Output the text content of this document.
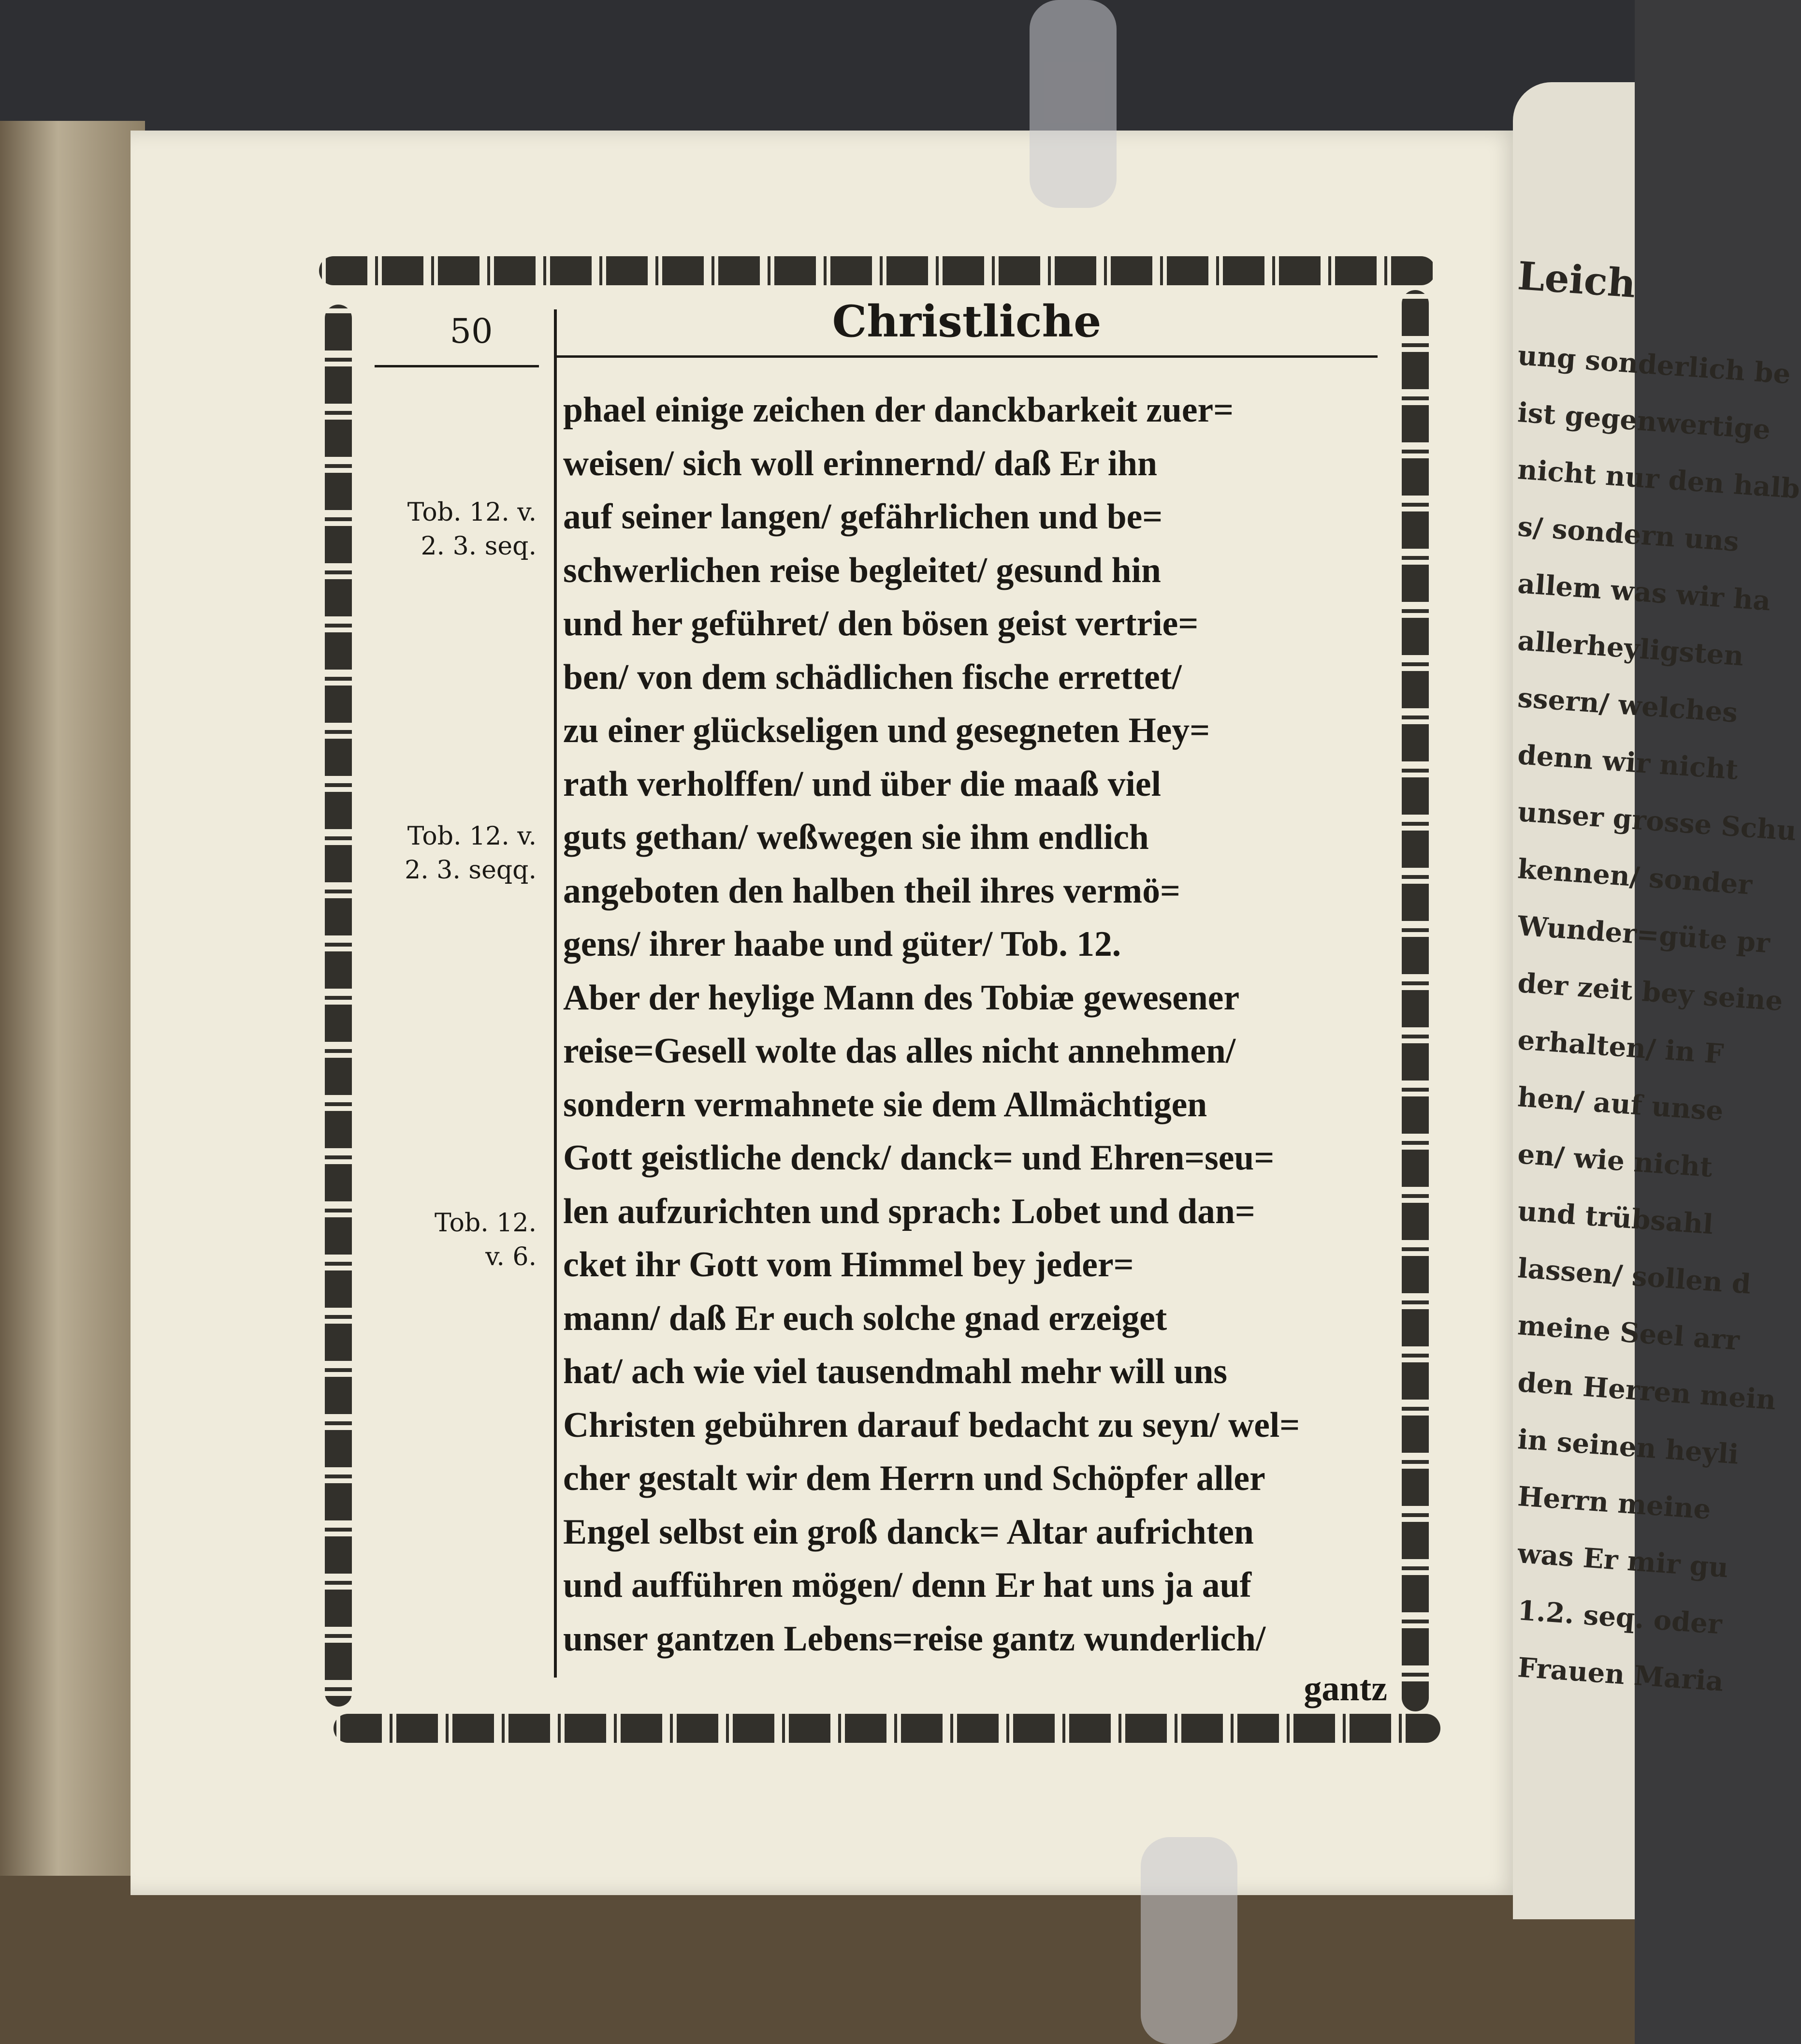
50	Christliche
Tob. 12. v.
2. 3. seq.
Tob. 12. v.
2. 3. seqq.
Tob. 12.
v. 6.
phael einige zeichen der danckbarkeit zuer=
weisen/ sich woll erinnernd/ daß Er ihn
auf seiner langen/ gefährlichen und be=
schwerlichen reise begleitet/ gesund hin
und her geführet/ den bösen geist vertrie=
ben/ von dem schädlichen fische errettet/
zu einer glückseligen und gesegneten Hey=
rath verholffen/ und über die maaß viel
guts gethan/ weßwegen sie ihm endlich
angeboten den halben theil ihres vermö=
gens/ ihrer haabe und güter/ Tob. 12.
Aber der heylige Mann des Tobiæ gewesener
reise=Gesell wolte das alles nicht annehmen/
sondern vermahnete sie dem Allmächtigen
Gott geistliche denck/ danck= und Ehren=seu=
len aufzurichten und sprach: Lobet und dan=
cket ihr Gott vom Himmel bey jeder=
mann/ daß Er euch solche gnad erzeiget
hat/ ach wie viel tausendmahl mehr will uns
Christen gebühren darauf bedacht zu seyn/ wel=
cher gestalt wir dem Herrn und Schöpfer aller
Engel selbst ein groß danck= Altar aufrichten
und aufführen mögen/ denn Er hat uns ja auf
unser gantzen Lebens=reise gantz wunderlich/
gantz
Leich
ung sonderlich be
ist gegenwertige
nicht nur den halb
s/ sondern uns
allem was wir ha
allerheyligsten
ssern/ welches
denn wir nicht
unser grosse Schu
kennen/ sonder
Wunder=güte pr
der zeit bey seine
erhalten/ in F
hen/ auf unse
en/ wie nicht
und trübsahl
lassen/ sollen d
meine Seel arr
den Herren mein
in seinen heyli
Herrn meine
was Er mir gu
1.2. seq. oder
Frauen Maria
